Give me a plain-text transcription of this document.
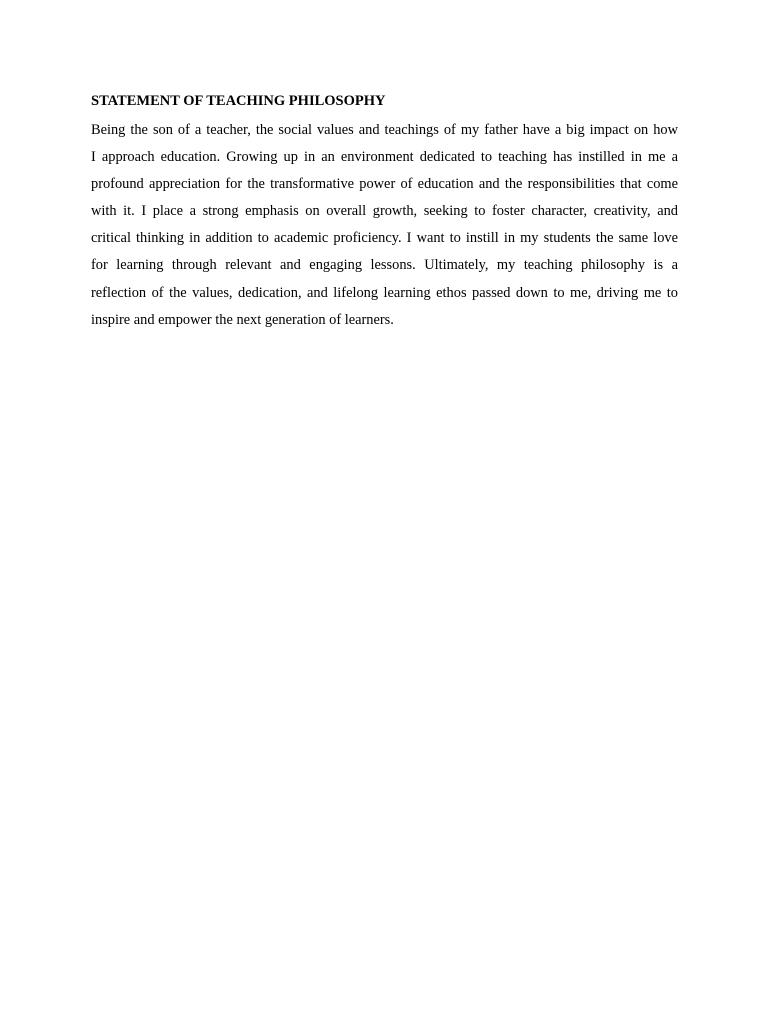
STATEMENT OF TEACHING PHILOSOPHY

Being the son of a teacher, the social values and teachings of my father have a big impact on how
I approach education. Growing up in an environment dedicated to teaching has instilled in me a
profound appreciation for the transformative power of education and the responsibilities that come
with it. I place a strong emphasis on overall growth, seeking to foster character, creativity, and
critical thinking in addition to academic proficiency. I want to instill in my students the same love
for learning through relevant and engaging lessons. Ultimately, my teaching philosophy is a
reflection of the values, dedication, and lifelong learning ethos passed down to me, driving me to
inspire and empower the next generation of learners.
